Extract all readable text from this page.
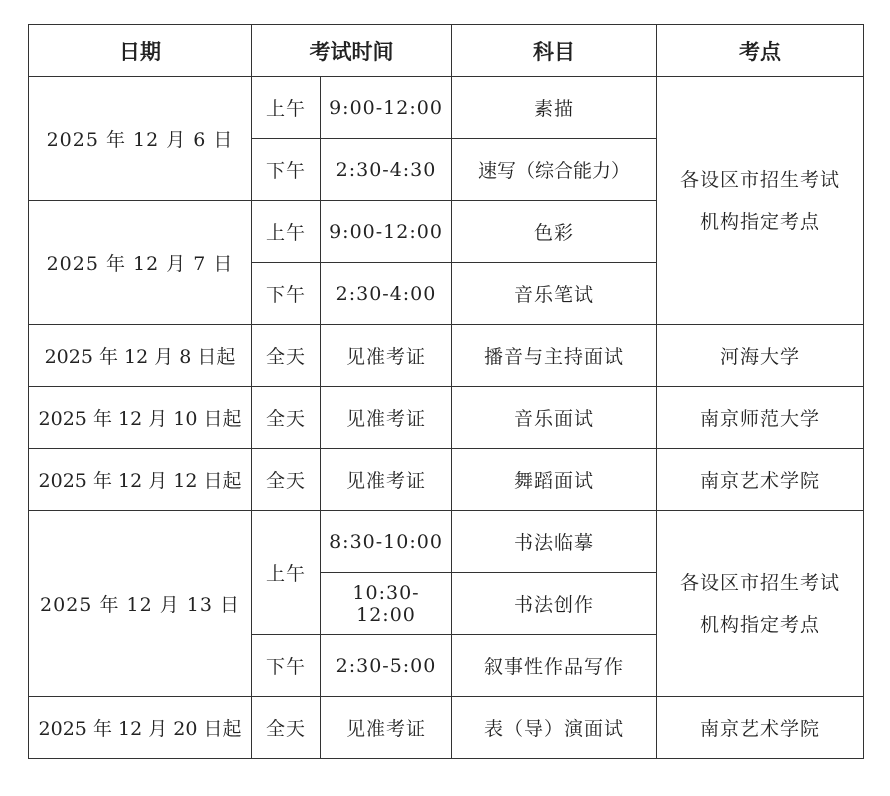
日期	考试时间		科目	考点
2025 年 12 月 6 日	上午	9:00-12:00	素描	各设区市招生考试
机构指定考点

	下午	2:30-4:30	速写（综合能力）	
2025 年 12 月 7 日	上午	9:00-12:00	色彩	
	下午	2:30-4:00	音乐笔试	
2025 年 12 月 8 日起	全天	见准考证	播音与主持面试	河海大学
2025 年 12 月 10 日起	全天	见准考证	音乐面试	南京师范大学
2025 年 12 月 12 日起	全天	见准考证	舞蹈面试	南京艺术学院
2025 年 12 月 13 日	上午	8:30-10:00	书法临摹	各设区市招生考试
机构指定考点

		10:30-12:00	书法创作	
	下午	2:30-5:00	叙事性作品写作	
2025 年 12 月 20 日起	全天	见准考证	表（导）演面试	南京艺术学院
